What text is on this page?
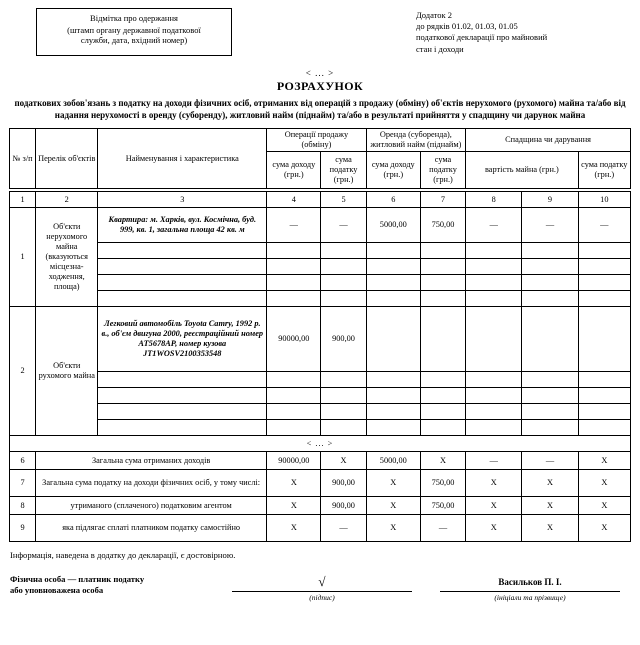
Відмітка про одержання
(штамп органу державної податкової
служби, дата, вхідний номер)
Додаток 2
до рядків 01.02, 01.03, 01.05
податкової декларації про майновий
стан і доходи
< ... >
РОЗРАХУНОК
податкових зобов'язань з податку на доходи фізичних осіб, отриманих від операцій з продажу (обміну) об'єктів нерухомого (рухомого) майна та/або від надання нерухомості в оренду (суборенду), житловий найм (піднайм) та/або в результаті прийняття у спадщину чи дарунок майна
№ з/п	Перелік об'єктів	Найменування і характеристика	Операції продажу (обміну)		Оренда (суборенда), житловий найм (піднайм)		Спадщина чи дарування		
			сума доходу (грн.)	сума податку (грн.)	сума доходу (грн.)	сума податку (грн.)	вартість майна (грн.)		сума податку (грн.)

1	2	3	4	5	6	7	8	9	10
1	Об'єкти нерухомого майна (вказуються місцезна-ходження, площа)	Квартира: м. Харків, вул. Космічна, буд. 999, кв. 1, загальна площа 42 кв. м	—	—	5000,00	750,00	—	—	—

2	Об'єкти рухомого майна	Легковий автомобіль Toyota Camry, 1992 р. в., об'єм двигуна 2000, реєстраційний номер АТ5678АР, номер кузова JT1WOSV2100353548	90000,00	900,00					

< ... >									
6	Загальна сума отриманих доходів		90000,00	Х	5000,00	Х	—	—	Х
7	Загальна сума податку на доходи фізичних осіб, у тому числі:		Х	900,00	Х	750,00	Х	Х	Х
8	утриманого (сплаченого) податковим агентом		Х	900,00	Х	750,00	Х	Х	Х
9	яка підлягає сплаті платником податку самостійно		Х	—	Х	—	Х	Х	Х
Інформація, наведена в додатку до декларації, є достовірною.
Фізична особа — платник податку
або уповноважена особа
√
(підпис)
Васильков П. І.
(ініціали та прізвище)
